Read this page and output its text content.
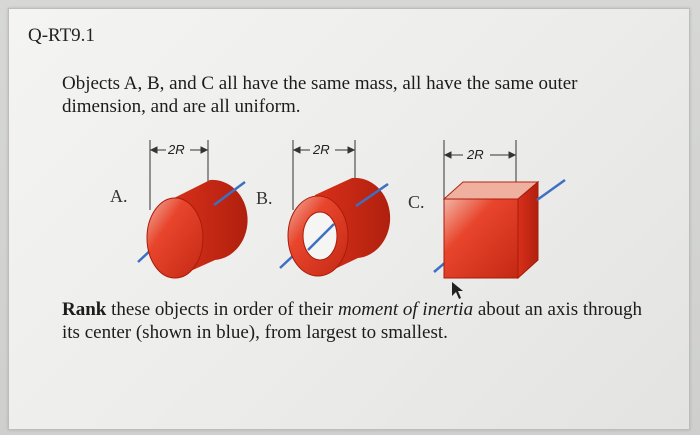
Q-RT9.1
Objects A, B, and C all have the same mass, all have the same outer dimension, and are all uniform.
2R	2R	2R
A.	B.	C.
Rank these objects in order of their moment of inertia about an axis through its center (shown in blue), from largest to smallest.
